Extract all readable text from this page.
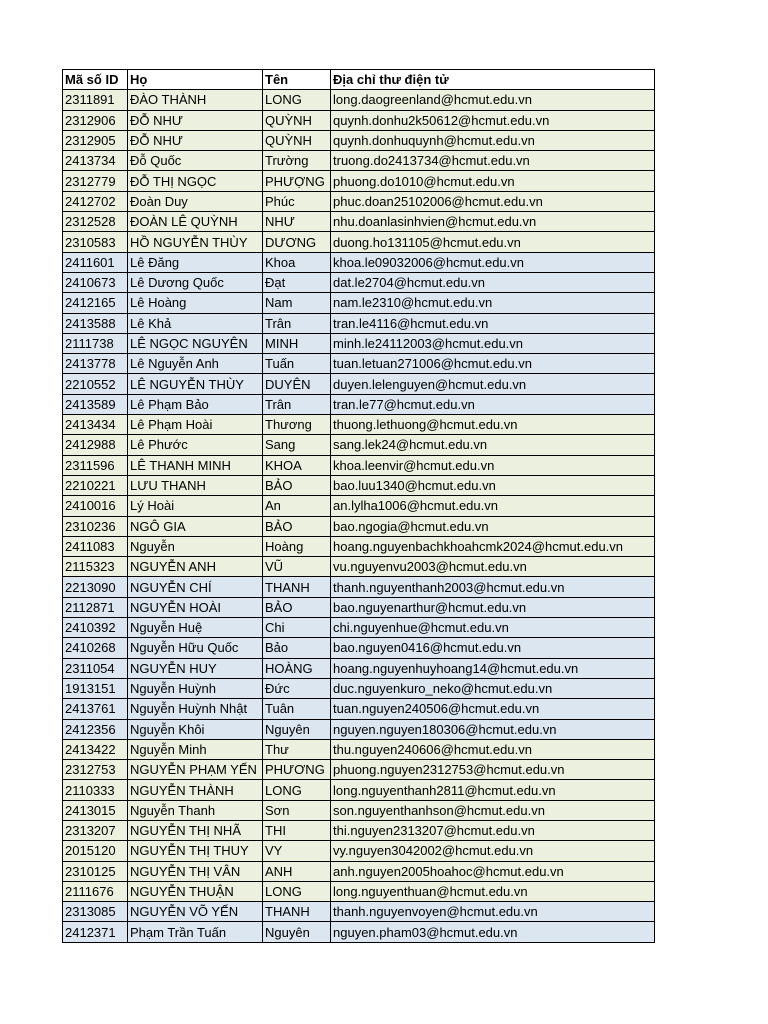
Mã số ID	Họ	Tên	Địa chỉ thư điện tử
2311891	ĐÀO THÀNH	LONG	long.daogreenland@hcmut.edu.vn
2312906	ĐỖ NHƯ	QUỲNH	quynh.donhu2k50612@hcmut.edu.vn
2312905	ĐỖ NHƯ	QUỲNH	quynh.donhuquynh@hcmut.edu.vn
2413734	Đỗ Quốc	Trường	truong.do2413734@hcmut.edu.vn
2312779	ĐỖ THỊ NGỌC	PHƯỢNG	phuong.do1010@hcmut.edu.vn
2412702	Đoàn Duy	Phúc	phuc.doan25102006@hcmut.edu.vn
2312528	ĐOÀN LÊ QUỲNH	NHƯ	nhu.doanlasinhvien@hcmut.edu.vn
2310583	HỒ NGUYỄN THÙY	DƯƠNG	duong.ho131105@hcmut.edu.vn
2411601	Lê Đăng	Khoa	khoa.le09032006@hcmut.edu.vn
2410673	Lê Dương Quốc	Đạt	dat.le2704@hcmut.edu.vn
2412165	Lê Hoàng	Nam	nam.le2310@hcmut.edu.vn
2413588	Lê Khả	Trân	tran.le4116@hcmut.edu.vn
2111738	LÊ NGỌC NGUYÊN	MINH	minh.le24112003@hcmut.edu.vn
2413778	Lê Nguyễn Anh	Tuấn	tuan.letuan271006@hcmut.edu.vn
2210552	LÊ NGUYỄN THÙY	DUYÊN	duyen.lelenguyen@hcmut.edu.vn
2413589	Lê Phạm Bảo	Trân	tran.le77@hcmut.edu.vn
2413434	Lê Phạm Hoài	Thương	thuong.lethuong@hcmut.edu.vn
2412988	Lê Phước	Sang	sang.lek24@hcmut.edu.vn
2311596	LÊ THANH MINH	KHOA	khoa.leenvir@hcmut.edu.vn
2210221	LƯU THANH	BẢO	bao.luu1340@hcmut.edu.vn
2410016	Lý Hoài	An	an.lylha1006@hcmut.edu.vn
2310236	NGÔ GIA	BẢO	bao.ngogia@hcmut.edu.vn
2411083	Nguyễn	Hoàng	hoang.nguyenbachkhoahcmk2024@hcmut.edu.vn
2115323	NGUYỄN ANH	VŨ	vu.nguyenvu2003@hcmut.edu.vn
2213090	NGUYỄN CHÍ	THANH	thanh.nguyenthanh2003@hcmut.edu.vn
2112871	NGUYỄN HOÀI	BẢO	bao.nguyenarthur@hcmut.edu.vn
2410392	Nguyễn Huệ	Chi	chi.nguyenhue@hcmut.edu.vn
2410268	Nguyễn Hữu Quốc	Bảo	bao.nguyen0416@hcmut.edu.vn
2311054	NGUYỄN HUY	HOÀNG	hoang.nguyenhuyhoang14@hcmut.edu.vn
1913151	Nguyễn Huỳnh	Đức	duc.nguyenkuro_neko@hcmut.edu.vn
2413761	Nguyễn Huỳnh Nhật	Tuân	tuan.nguyen240506@hcmut.edu.vn
2412356	Nguyễn Khôi	Nguyên	nguyen.nguyen180306@hcmut.edu.vn
2413422	Nguyễn Minh	Thư	thu.nguyen240606@hcmut.edu.vn
2312753	NGUYỄN PHẠM YẾN	PHƯƠNG	phuong.nguyen2312753@hcmut.edu.vn
2110333	NGUYỄN THÀNH	LONG	long.nguyenthanh2811@hcmut.edu.vn
2413015	Nguyễn Thanh	Sơn	son.nguyenthanhson@hcmut.edu.vn
2313207	NGUYỄN THỊ NHÃ	THI	thi.nguyen2313207@hcmut.edu.vn
2015120	NGUYỄN THỊ THUY	VY	vy.nguyen3042002@hcmut.edu.vn
2310125	NGUYỄN THỊ VÂN	ANH	anh.nguyen2005hoahoc@hcmut.edu.vn
2111676	NGUYỄN THUẬN	LONG	long.nguyenthuan@hcmut.edu.vn
2313085	NGUYỄN VÕ YẾN	THANH	thanh.nguyenvoyen@hcmut.edu.vn
2412371	Phạm Trần Tuấn	Nguyên	nguyen.pham03@hcmut.edu.vn
